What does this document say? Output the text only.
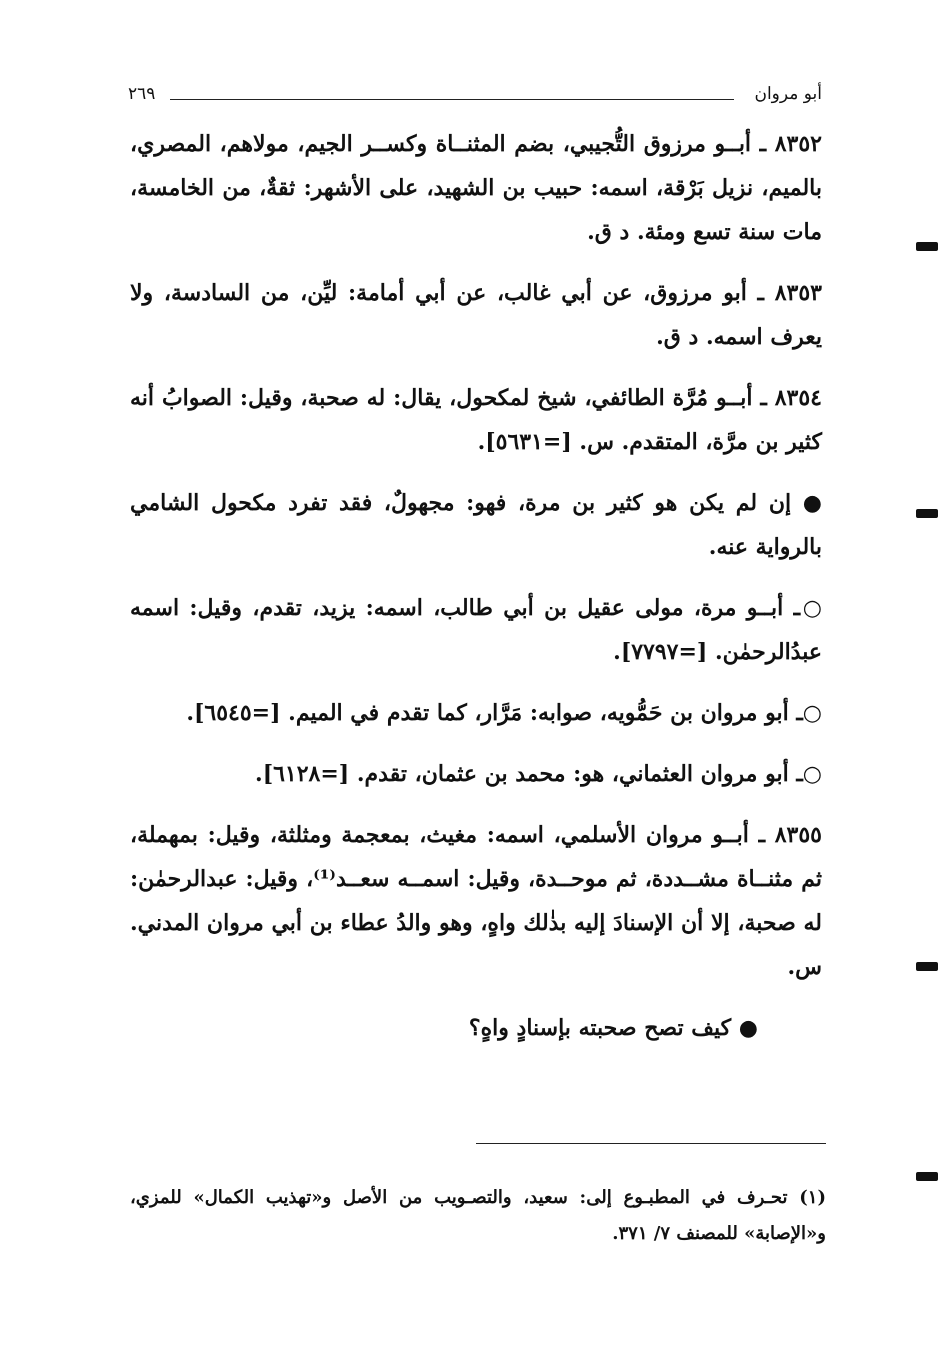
أبو مروان
٢٦٩

٨٣٥٢ ـ أبــو مرزوق التُّجيبي، بضم المثنــاة وكســر الجيم، مولاهم، المصري، بالميم، نزيل بَرْقة، اسمه: حبيب بن الشهيد، على الأشهر: ثقةٌ، من الخامسة، مات سنة تسع ومئة. د ق.

٨٣٥٣ ـ أبو مرزوق، عن أبي غالب، عن أبي أمامة: ليِّن، من السادسة، ولا يعرف اسمه. د ق.

٨٣٥٤ ـ أبــو مُرَّة الطائفي، شيخ لمكحول، يقال: له صحبة، وقيل: الصوابُ أنه كثير بن مرَّة، المتقدم. س. [=٥٦٣١].

● إن لم يكن هو كثير بن مرة، فهو: مجهولٌ، فقد تفرد مكحول الشامي بالرواية عنه.

○ـ أبــو مرة، مولى عقيل بن أبي طالب، اسمه: يزيد، تقدم، وقيل: اسمه عبدُالرحمٰن. [=٧٧٩٧].

○ـ أبو مروان بن حَمُّويه، صوابه: مَرَّار، كما تقدم في الميم. [=٦٥٤٥].

○ـ أبو مروان العثماني، هو: محمد بن عثمان، تقدم. [=٦١٢٨].

٨٣٥٥ ـ أبــو مروان الأسلمي، اسمه: مغيث، بمعجمة ومثلثة، وقيل: بمهملة، ثم مثنــاة مشــددة، ثم موحــدة، وقيل: اسمــه سعــد⁽¹⁾، وقيل: عبدالرحمٰن: له صحبة، إلا أن الإسنادَ إليه بذٰلك واهٍ، وهو والدُ عطاء بن أبي مروان المدني. س.

● كيف تصح صحبته بإسنادٍ واهٍ؟

(١) تحـرف في المطبـوع إلى: سعيد، والتصـويب من الأصل و«تهذيب الكمال» للمزي، و«الإصابة» للمصنف ٧/ ٣٧١.
